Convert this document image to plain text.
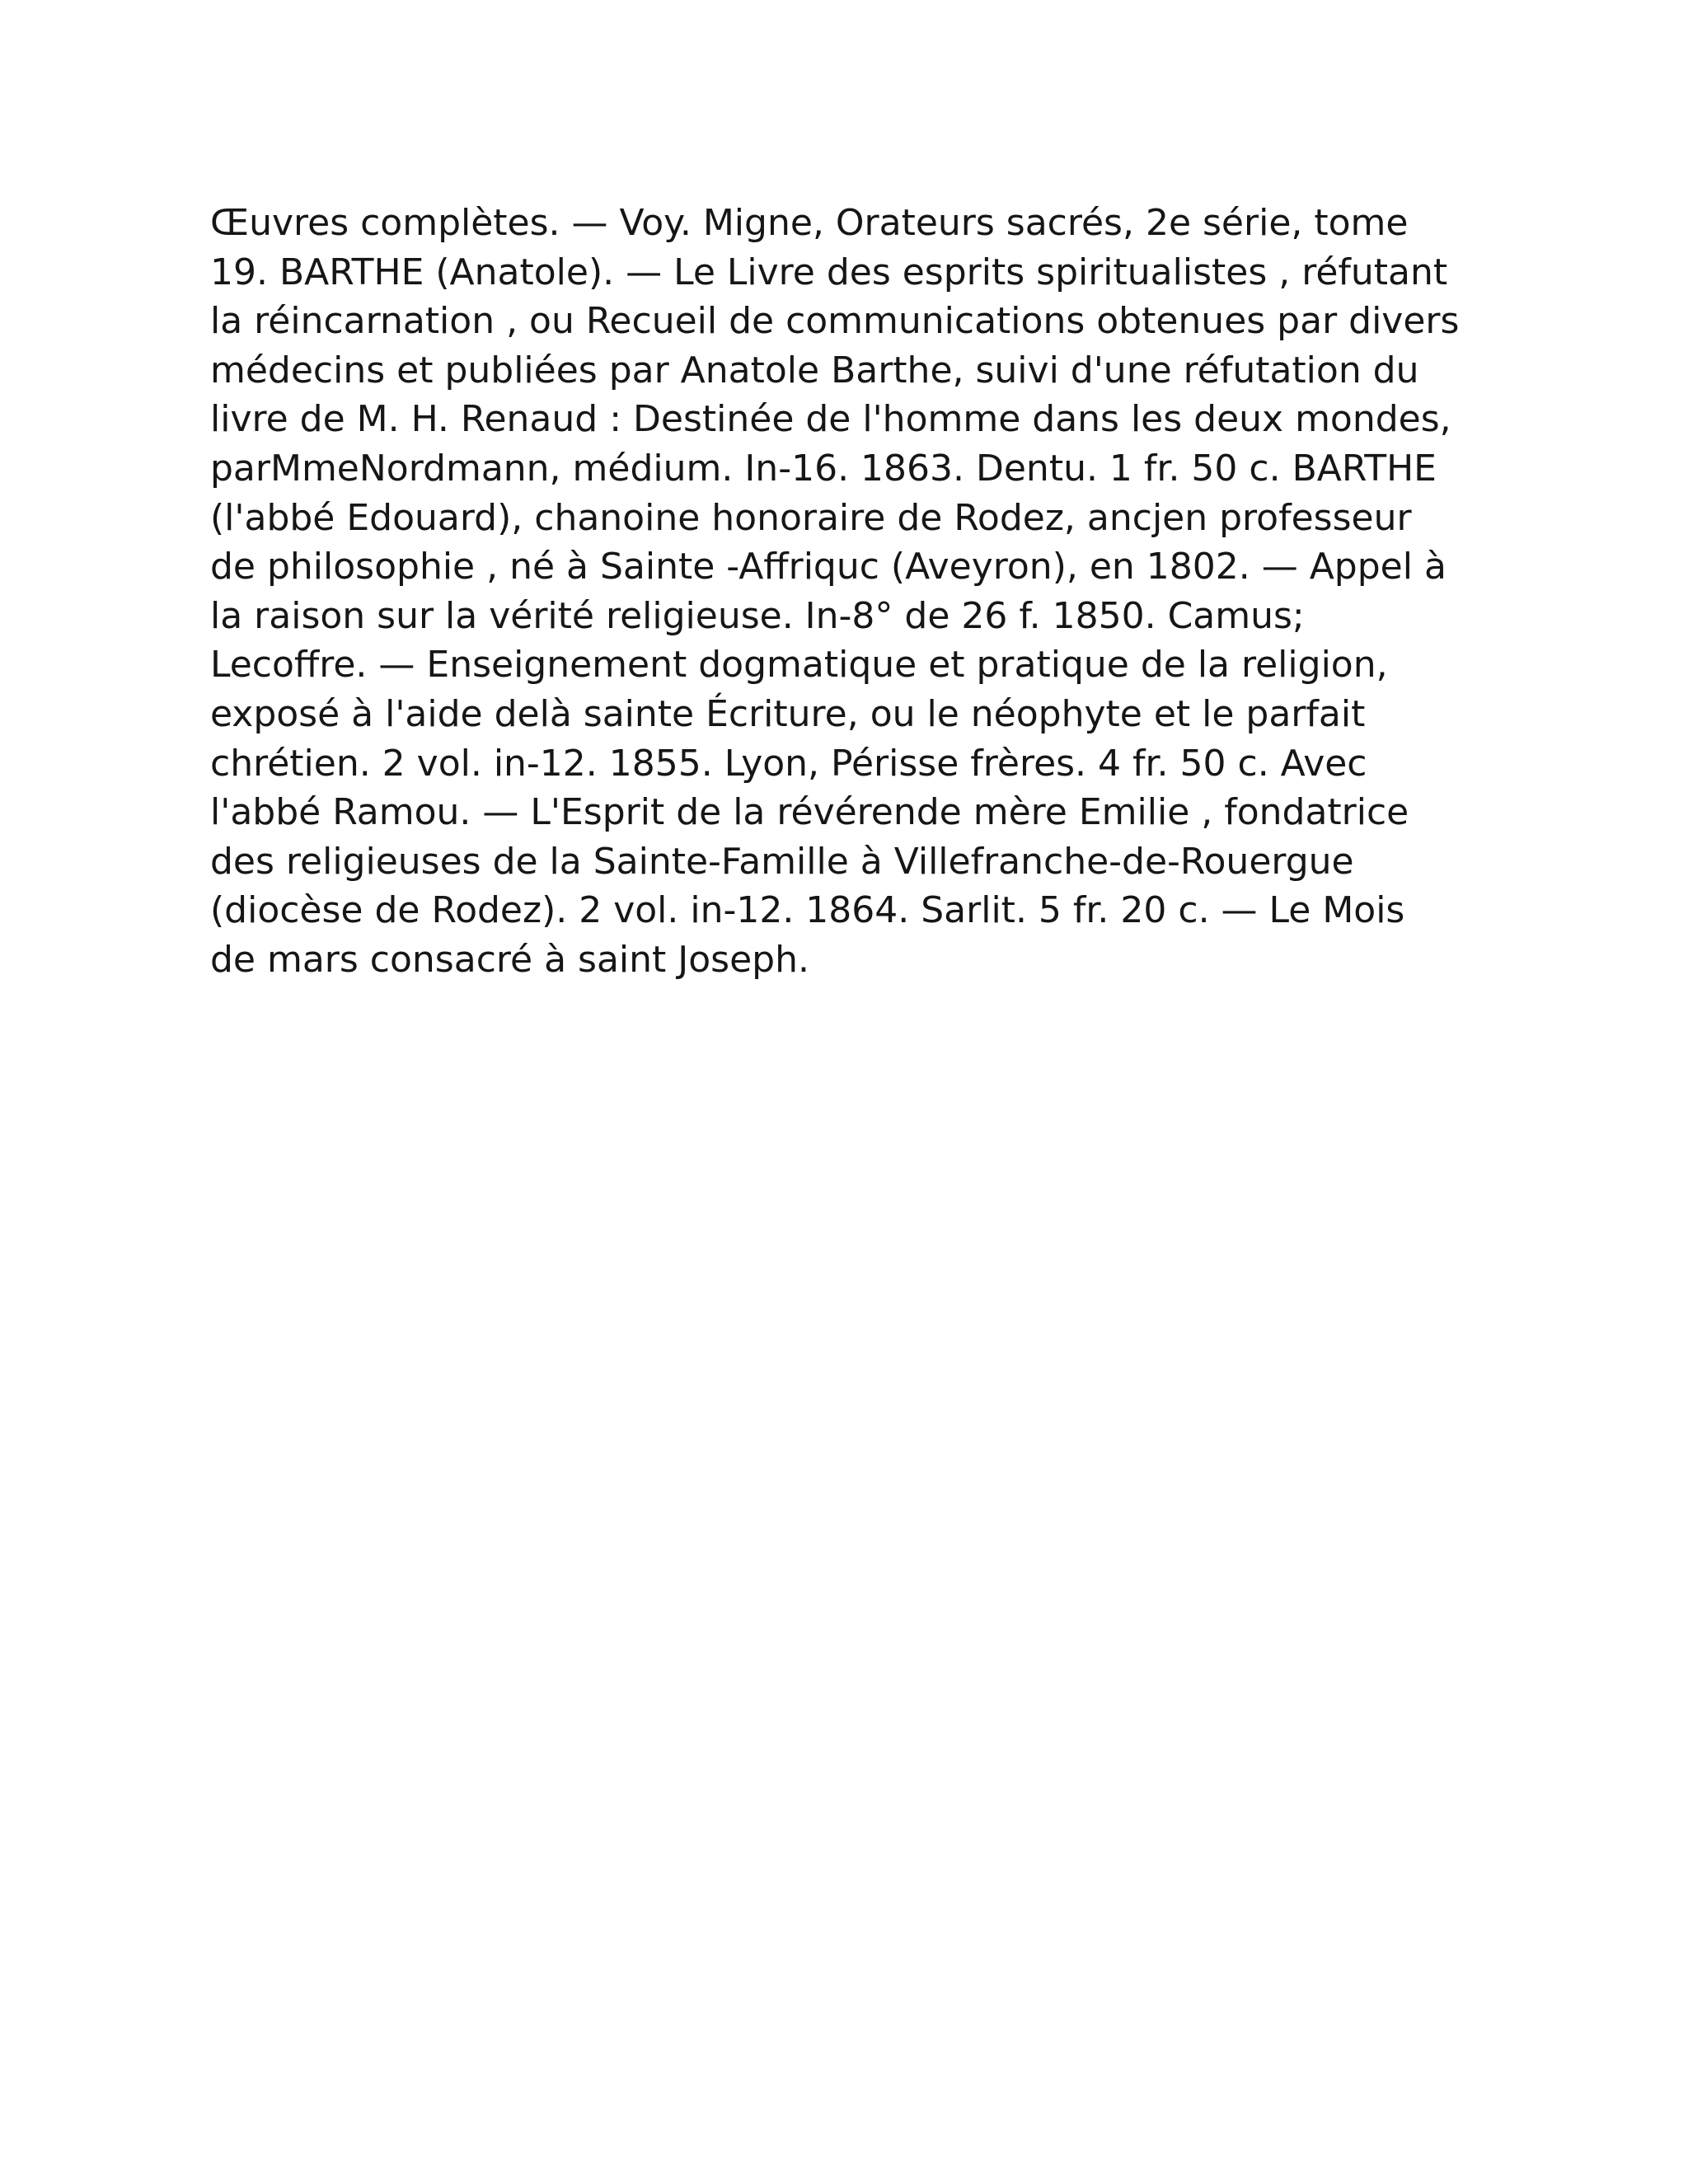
Œuvres complètes. — Voy. Migne, Orateurs sacrés, 2e série, tome
19. BARTHE (Anatole). — Le Livre des esprits spiritualistes , réfutant
la réincarnation , ou Recueil de communications obtenues par divers
médecins et publiées par Anatole Barthe, suivi d'une réfutation du
livre de M. H. Renaud : Destinée de l'homme dans les deux mondes,
parMmeNordmann, médium. In-16. 1863. Dentu. 1 fr. 50 c. BARTHE
(l'abbé Edouard), chanoine honoraire de Rodez, ancjen professeur
de philosophie , né à Sainte -Affriquc (Aveyron), en 1802. — Appel à
la raison sur la vérité religieuse. In-8° de 26 f. 1850. Camus;
Lecoffre. — Enseignement dogmatique et pratique de la religion,
exposé à l'aide delà sainte Écriture, ou le néophyte et le parfait
chrétien. 2 vol. in-12. 1855. Lyon, Périsse frères. 4 fr. 50 c. Avec
l'abbé Ramou. — L'Esprit de la révérende mère Emilie , fondatrice
des religieuses de la Sainte-Famille à Villefranche-de-Rouergue
(diocèse de Rodez). 2 vol. in-12. 1864. Sarlit. 5 fr. 20 c. — Le Mois
de mars consacré à saint Joseph.
